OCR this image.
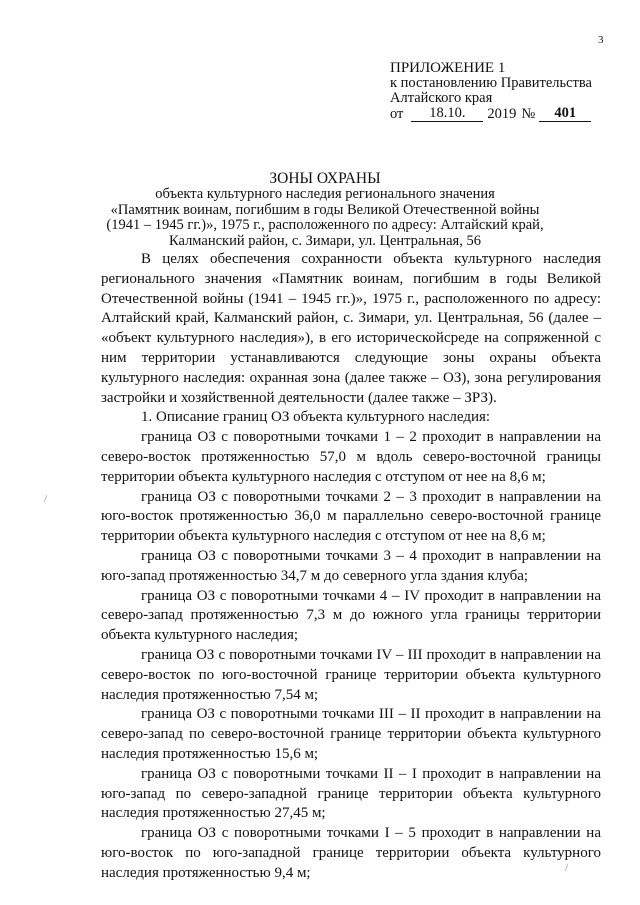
3
ПРИЛОЖЕНИЕ 1
к постановлению Правительства
Алтайского края
от	18.10.	2019 №	401
ЗОНЫ ОХРАНЫ
объекта культурного наследия регионального значения
«Памятник воинам, погибшим в годы Великой Отечественной войны
(1941 – 1945 гг.)», 1975 г., расположенного по адресу: Алтайский край,
Калманский район, с. Зимари, ул. Центральная, 56

В целях обеспечения сохранности объекта культурного наследия регионального значения «Памятник воинам, погибшим в годы Великой Отечественной войны (1941 – 1945 гг.)», 1975 г., расположенного по адресу: Алтайский край, Калманский район, с. Зимари, ул. Центральная, 56 (далее – «объект культурного наследия»), в его историческойсреде на сопряженной с ним территории устанавливаются следующие зоны охраны объекта культурного наследия: охранная зона (далее также – ОЗ), зона регулирования застройки и хозяйственной деятельности (далее также – ЗРЗ).

1. Описание границ ОЗ объекта культурного наследия:

граница ОЗ с поворотными точками 1 – 2 проходит в направлении на северо-восток протяженностью 57,0 м вдоль северо-восточной границы территории объекта культурного наследия с отступом от нее на 8,6 м;

граница ОЗ с поворотными точками 2 – 3 проходит в направлении на юго-восток протяженностью 36,0 м параллельно северо-восточной границе территории объекта культурного наследия с отступом от нее на 8,6 м;

граница ОЗ с поворотными точками 3 – 4 проходит в направлении на юго-запад протяженностью 34,7 м до северного угла здания клуба;

граница ОЗ с поворотными точками 4 – IV проходит в направлении на северо-запад протяженностью 7,3 м до южного угла границы территории объекта культурного наследия;

граница ОЗ с поворотными точками IV – III проходит в направлении на северо-восток по юго-восточной границе территории объекта культурного наследия протяженностью 7,54 м;

граница ОЗ с поворотными точками III – II проходит в направлении на северо-запад по северо-восточной границе территории объекта культурного наследия протяженностью 15,6 м;

граница ОЗ с поворотными точками II – I проходит в направлении на юго-запад по северо-западной границе территории объекта культурного наследия протяженностью 27,45 м;

граница ОЗ с поворотными точками I – 5 проходит в направлении на юго-восток по юго-западной границе территории объекта культурного наследия протяженностью 9,4 м;

/
/
